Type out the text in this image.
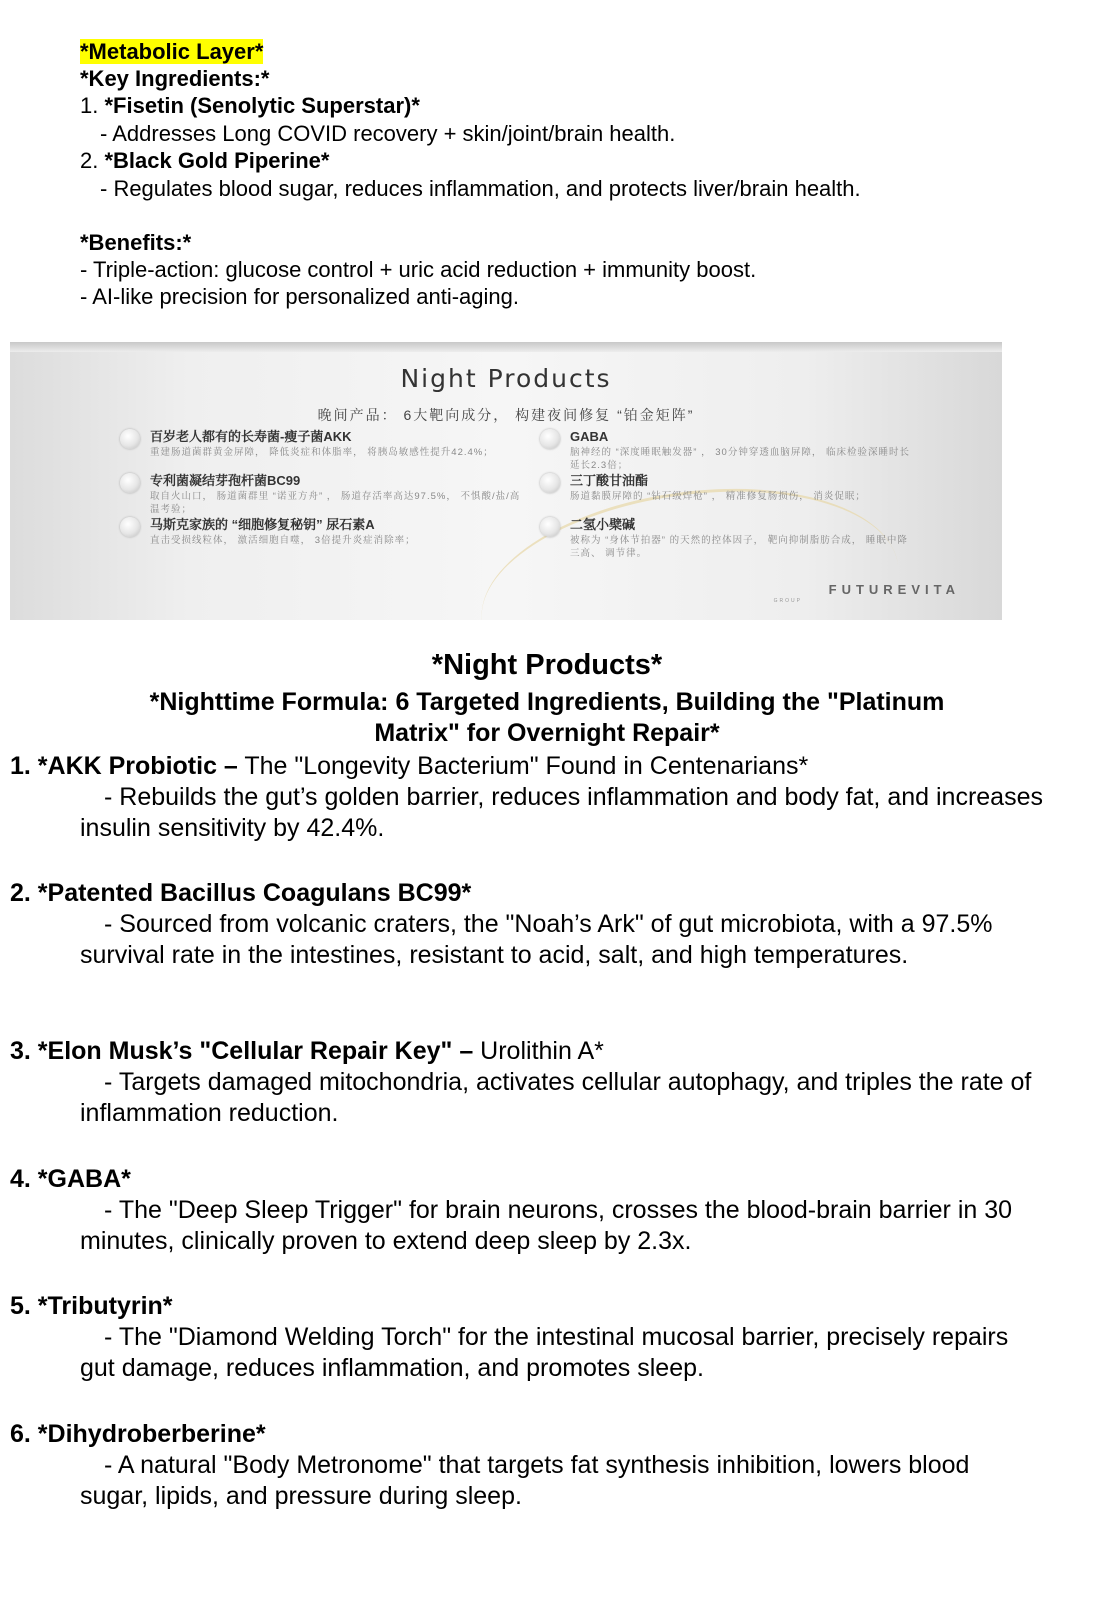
*Metabolic Layer*
*Key Ingredients:*
1. *Fisetin (Senolytic Superstar)*
- Addresses Long COVID recovery + skin/joint/brain health.
2. *Black Gold Piperine*
- Regulates blood sugar, reduces inflammation, and protects liver/brain health.
*Benefits:*
- Triple-action: glucose control + uric acid reduction + immunity boost.
- AI-like precision for personalized anti-aging.
Night Products
晚间产品： 6大靶向成分， 构建夜间修复 “铂金矩阵”
百岁老人都有的长寿菌-瘦子菌AKK
重建肠道菌群黄金屏障， 降低炎症和体脂率， 将胰岛敏感性提升42.4%；
专利菌凝结芽孢杆菌BC99
取自火山口， 肠道菌群里 “诺亚方舟” ， 肠道存活率高达97.5%， 不惧酸/盐/高温考验；
马斯克家族的 “细胞修复秘钥” 尿石素A
直击受损线粒体， 激活细胞自噬， 3倍提升炎症消除率；
GABA
脑神经的 “深度睡眠触发器” ， 30分钟穿透血脑屏障， 临床检验深睡时长延长2.3倍；
三丁酸甘油酯
肠道黏膜屏障的 “钻石级焊枪” ， 精准修复肠损伤， 消炎促眠；
二氢小檗碱
被称为 “身体节拍器” 的天然的控体因子， 靶向抑制脂肪合成， 睡眠中降三高、 调节律。
FUTUREVITA
GROUP
*Night Products*
*Nighttime Formula: 6 Targeted Ingredients, Building the "Platinum
Matrix" for Overnight Repair*
1. *AKK Probiotic – The "Longevity Bacterium" Found in Centenarians*
- Rebuilds the gut’s golden barrier, reduces inflammation and body fat, and increases insulin sensitivity by 42.4%.
2. *Patented Bacillus Coagulans BC99*
- Sourced from volcanic craters, the "Noah’s Ark" of gut microbiota, with a 97.5% survival rate in the intestines, resistant to acid, salt, and high temperatures.
3. *Elon Musk’s "Cellular Repair Key" – Urolithin A*
- Targets damaged mitochondria, activates cellular autophagy, and triples the rate of inflammation reduction.
4. *GABA*
- The "Deep Sleep Trigger" for brain neurons, crosses the blood-brain barrier in 30 minutes, clinically proven to extend deep sleep by 2.3x.
5. *Tributyrin*
- The "Diamond Welding Torch" for the intestinal mucosal barrier, precisely repairs gut damage, reduces inflammation, and promotes sleep.
6. *Dihydroberberine*
- A natural "Body Metronome" that targets fat synthesis inhibition, lowers blood sugar, lipids, and pressure during sleep.
